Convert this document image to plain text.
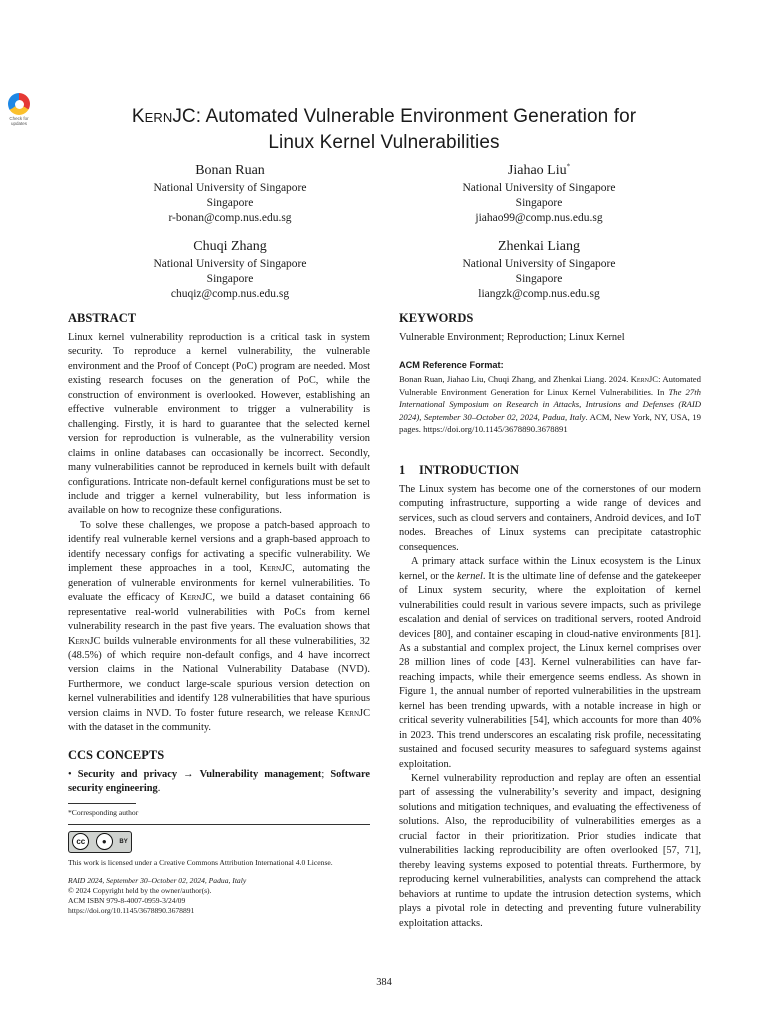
Check for updates	KernJC: Automated Vulnerable Environment Generation for
Linux Kernel Vulnerabilities
Bonan Ruan
National University of Singapore
Singapore
r-bonan@comp.nus.edu.sg
Jiahao Liu*
National University of Singapore
Singapore
jiahao99@comp.nus.edu.sg
Chuqi Zhang
National University of Singapore
Singapore
chuqiz@comp.nus.edu.sg
Zhenkai Liang
National University of Singapore
Singapore
liangzk@comp.nus.edu.sg
ABSTRACT

Linux kernel vulnerability reproduction is a critical task in system security. To reproduce a kernel vulnerability, the vulnerable environment and the Proof of Concept (PoC) program are needed. Most existing research focuses on the generation of PoC, while the construction of environment is overlooked. However, establishing an effective vulnerable environment to trigger a vulnerability is challenging. Firstly, it is hard to guarantee that the selected kernel version for reproduction is vulnerable, as the vulnerability version claims in online databases can occasionally be incorrect. Secondly, many vulnerabilities cannot be reproduced in kernels built with default configurations. Intricate non-default kernel configurations must be set to include and trigger a kernel vulnerability, but less information is available on how to recognize these configurations.

To solve these challenges, we propose a patch-based approach to identify real vulnerable kernel versions and a graph-based approach to identify necessary configs for activating a specific vulnerability. We implement these approaches in a tool, KernJC, automating the generation of vulnerable environments for kernel vulnerabilities. To evaluate the efficacy of KernJC, we build a dataset containing 66 representative real-world vulnerabilities with PoCs from kernel vulnerability research in the past five years. The evaluation shows that KernJC builds vulnerable environments for all these vulnerabilities, 32 (48.5%) of which require non-default configs, and 4 have incorrect version claims in the National Vulnerability Database (NVD). Furthermore, we conduct large-scale spurious version detection on kernel vulnerabilities and identify 128 vulnerabilities that have spurious version claims in NVD. To foster future research, we release KernJC with the dataset in the community.

CCS CONCEPTS

• Security and privacy → Vulnerability management; Software security engineering.

*Corresponding author

cc	●	BY

This work is licensed under a Creative Commons Attribution International 4.0 License.

RAID 2024, September 30–October 02, 2024, Padua, Italy
© 2024 Copyright held by the owner/author(s).
ACM ISBN 979-8-4007-0959-3/24/09
https://doi.org/10.1145/3678890.3678891
KEYWORDS
Vulnerable Environment; Reproduction; Linux Kernel
ACM Reference Format:

Bonan Ruan, Jiahao Liu, Chuqi Zhang, and Zhenkai Liang. 2024. KernJC: Automated Vulnerable Environment Generation for Linux Kernel Vulnerabilities. In The 27th International Symposium on Research in Attacks, Intrusions and Defenses (RAID 2024), September 30–October 02, 2024, Padua, Italy. ACM, New York, NY, USA, 19 pages. https://doi.org/10.1145/3678890.3678891

1 INTRODUCTION

The Linux system has become one of the cornerstones of our modern computing infrastructure, supporting a wide range of devices and services, such as cloud servers and containers, Android devices, and IoT nodes. Breaches of Linux systems can precipitate catastrophic consequences.

A primary attack surface within the Linux ecosystem is the Linux kernel, or the kernel. It is the ultimate line of defense and the gatekeeper of Linux system security, where the exploitation of kernel vulnerabilities could result in various severe impacts, such as privilege escalation and denial of services on traditional servers, rooted Android devices [80], and container escaping in cloud-native environments [81]. As a substantial and complex project, the Linux kernel comprises over 28 million lines of code [43]. Kernel vulnerabilities can have far-reaching impacts, while their emergence seems endless. As shown in Figure 1, the annual number of reported vulnerabilities in the upstream kernel has been trending upwards, with a notable increase in high or critical severity vulnerabilities [54], which accounts for more than 40% in 2023. This trend underscores an escalating risk profile, necessitating sustained and focused security measures to safeguard systems against exploitation.

Kernel vulnerability reproduction and replay are often an essential part of assessing the vulnerability’s severity and impact, designing solutions and mitigation techniques, and evaluating the effectiveness of solutions. Also, the reproducibility of vulnerabilities emerges as a crucial factor in their prioritization. Prior studies indicate that vulnerabilities lacking reproducibility are often overlooked [57, 71], thereby leaving systems exposed to potential threats. Furthermore, by reproducing kernel vulnerabilities, analysts can comprehend the attack behaviors at runtime to update the intrusion detection systems, which plays a pivotal role in detecting and preventing future vulnerability exploitation attacks.

384
